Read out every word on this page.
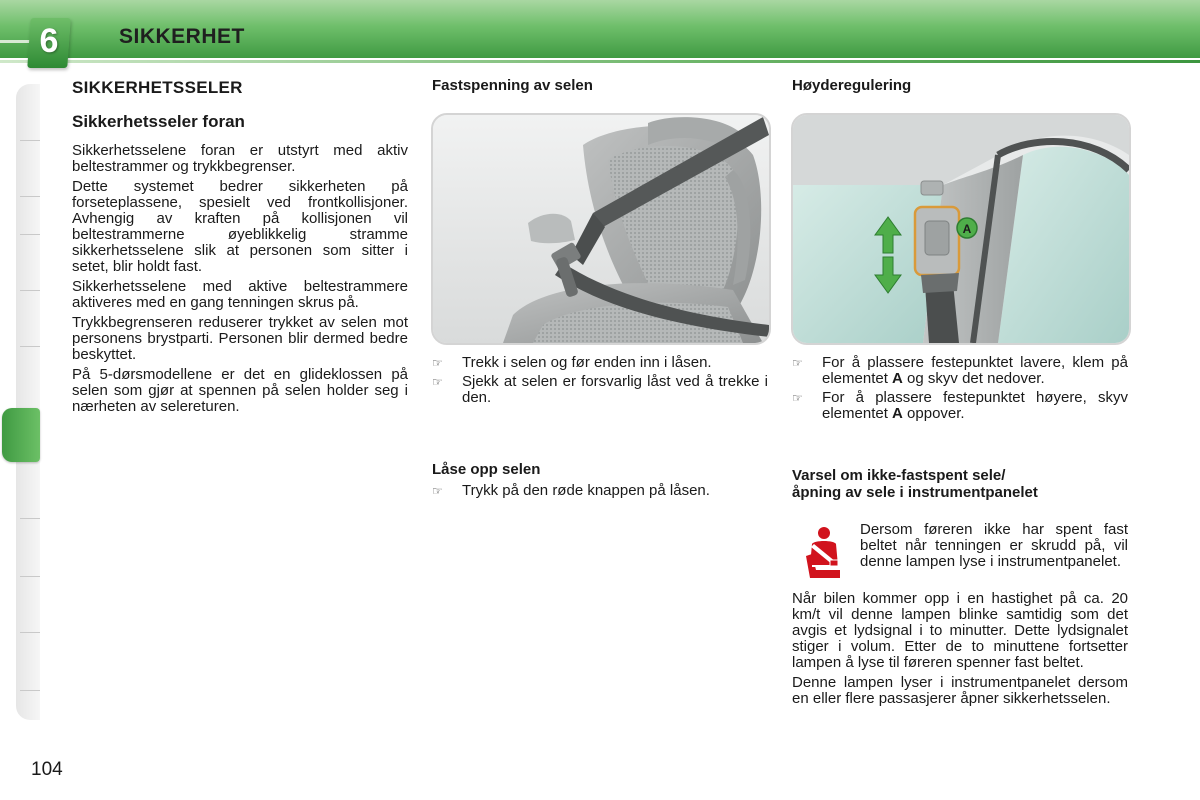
6	SIKKERHET
SIKKERHETSSELER
Sikkerhetsseler foran

Sikkerhetsselene foran er utstyrt med aktiv beltestrammer og trykkbegrenser.

Dette systemet bedrer sikkerheten på forseteplassene, spesielt ved frontkollisjoner. Avhengig av kraften på kollisjonen vil beltestrammerne øyeblikkelig stramme sikkerhetsselene slik at personen som sitter i setet, blir holdt fast.

Sikkerhetsselene med aktive beltestrammere aktiveres med en gang tenningen skrus på.

Trykkbegrenseren reduserer trykket av selen mot personens brystparti. Personen blir dermed bedre beskyttet.

På 5-dørsmodellene er det en glideklossen på selen som gjør at spennen på selen holder seg i nærheten av selereturen.

Fastspenning av selen
☞ Trekk i selen og før enden inn i låsen.
☞ Sjekk at selen er forsvarlig låst ved å trekke i den.
Låse opp selen
☞ Trykk på den røde knappen på låsen.
Høyderegulering
A
☞ For å plassere festepunktet lavere, klem på elementet A og skyv det nedover.
☞ For å plassere festepunktet høyere, skyv elementet A oppover.
Varsel om ikke-fastspent sele/
åpning av sele i instrumentpanelet

Dersom føreren ikke har spent fast beltet når tenningen er skrudd på, vil denne lampen lyse i instrumentpanelet.

Når bilen kommer opp i en hastighet på ca. 20 km/t vil denne lampen blinke samtidig som det avgis et lydsignal i to minutter. Dette lydsignalet stiger i volum. Etter de to minuttene fortsetter lampen å lyse til føreren spenner fast beltet.

Denne lampen lyser i instrumentpanelet dersom en eller flere passasjerer åpner sikkerhetsselen.

104
